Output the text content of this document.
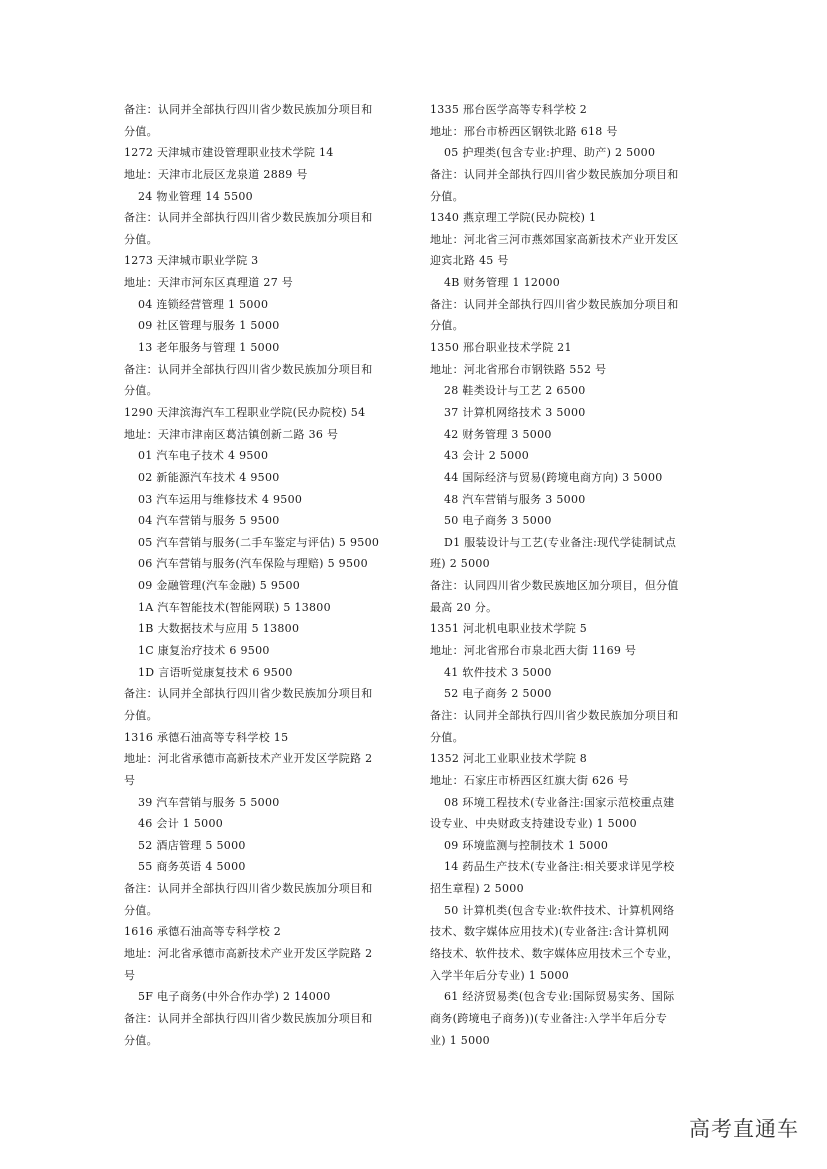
备注：认同并全部执行四川省少数民族加分项目和
分值。
1272 天津城市建设管理职业技术学院 14
地址：天津市北辰区龙泉道 2889 号
24 物业管理 14 5500
备注：认同并全部执行四川省少数民族加分项目和
分值。
1273 天津城市职业学院 3
地址：天津市河东区真理道 27 号
04 连锁经营管理 1 5000
09 社区管理与服务 1 5000
13 老年服务与管理 1 5000
备注：认同并全部执行四川省少数民族加分项目和
分值。
1290 天津滨海汽车工程职业学院(民办院校) 54
地址：天津市津南区葛沽镇创新二路 36 号
01 汽车电子技术 4 9500
02 新能源汽车技术 4 9500
03 汽车运用与维修技术 4 9500
04 汽车营销与服务 5 9500
05 汽车营销与服务(二手车鉴定与评估) 5 9500
06 汽车营销与服务(汽车保险与理赔) 5 9500
09 金融管理(汽车金融) 5 9500
1A 汽车智能技术(智能网联) 5 13800
1B 大数据技术与应用 5 13800
1C 康复治疗技术 6 9500
1D 言语听觉康复技术 6 9500
备注：认同并全部执行四川省少数民族加分项目和
分值。
1316 承德石油高等专科学校 15
地址：河北省承德市高新技术产业开发区学院路 2
号
39 汽车营销与服务 5 5000
46 会计 1 5000
52 酒店管理 5 5000
55 商务英语 4 5000
备注：认同并全部执行四川省少数民族加分项目和
分值。
1616 承德石油高等专科学校 2
地址：河北省承德市高新技术产业开发区学院路 2
号
5F 电子商务(中外合作办学) 2 14000
备注：认同并全部执行四川省少数民族加分项目和
分值。
1335 邢台医学高等专科学校 2
地址：邢台市桥西区钢铁北路 618 号
05 护理类(包含专业:护理、助产) 2 5000
备注：认同并全部执行四川省少数民族加分项目和
分值。
1340 燕京理工学院(民办院校) 1
地址：河北省三河市燕郊国家高新技术产业开发区
迎宾北路 45 号
4B 财务管理 1 12000
备注：认同并全部执行四川省少数民族加分项目和
分值。
1350 邢台职业技术学院 21
地址：河北省邢台市钢铁路 552 号
28 鞋类设计与工艺 2 6500
37 计算机网络技术 3 5000
42 财务管理 3 5000
43 会计 2 5000
44 国际经济与贸易(跨境电商方向) 3 5000
48 汽车营销与服务 3 5000
50 电子商务 3 5000
D1 服装设计与工艺(专业备注:现代学徒制试点
班) 2 5000
备注：认同四川省少数民族地区加分项目，但分值
最高 20 分。
1351 河北机电职业技术学院 5
地址：河北省邢台市泉北西大街 1169 号
41 软件技术 3 5000
52 电子商务 2 5000
备注：认同并全部执行四川省少数民族加分项目和
分值。
1352 河北工业职业技术学院 8
地址：石家庄市桥西区红旗大街 626 号
08 环境工程技术(专业备注:国家示范校重点建
设专业、中央财政支持建设专业) 1 5000
09 环境监测与控制技术 1 5000
14 药品生产技术(专业备注:相关要求详见学校
招生章程) 2 5000
50 计算机类(包含专业:软件技术、计算机网络
技术、数字媒体应用技术)(专业备注:含计算机网
络技术、软件技术、数字媒体应用技术三个专业，
入学半年后分专业) 1 5000
61 经济贸易类(包含专业:国际贸易实务、国际
商务(跨境电子商务))(专业备注:入学半年后分专
业) 1 5000
高考直通车
